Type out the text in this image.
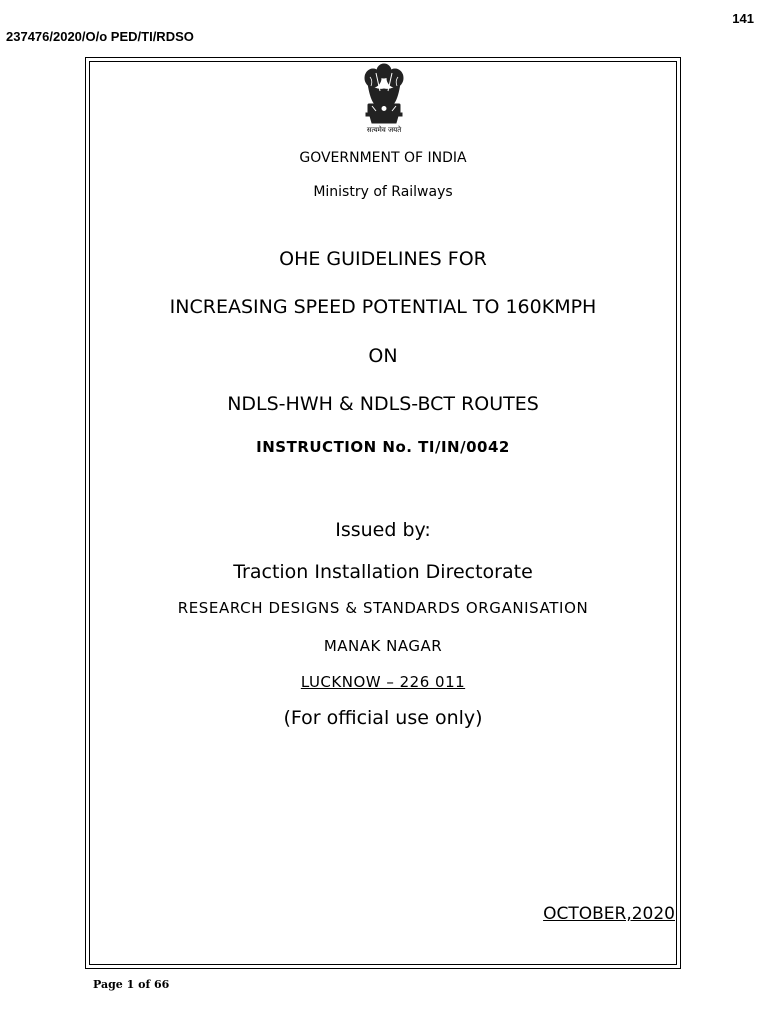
141
237476/2020/O/o PED/TI/RDSO
सत्यमेव जयते
GOVERNMENT OF INDIA
Ministry of Railways
OHE GUIDELINES FOR
INCREASING SPEED POTENTIAL TO 160KMPH
ON
NDLS-HWH & NDLS-BCT ROUTES
INSTRUCTION No. TI/IN/0042
Issued by:
Traction Installation Directorate
RESEARCH DESIGNS & STANDARDS ORGANISATION
MANAK NAGAR
LUCKNOW – 226 011
(For official use only)
OCTOBER,2020
Page 1 of 66
